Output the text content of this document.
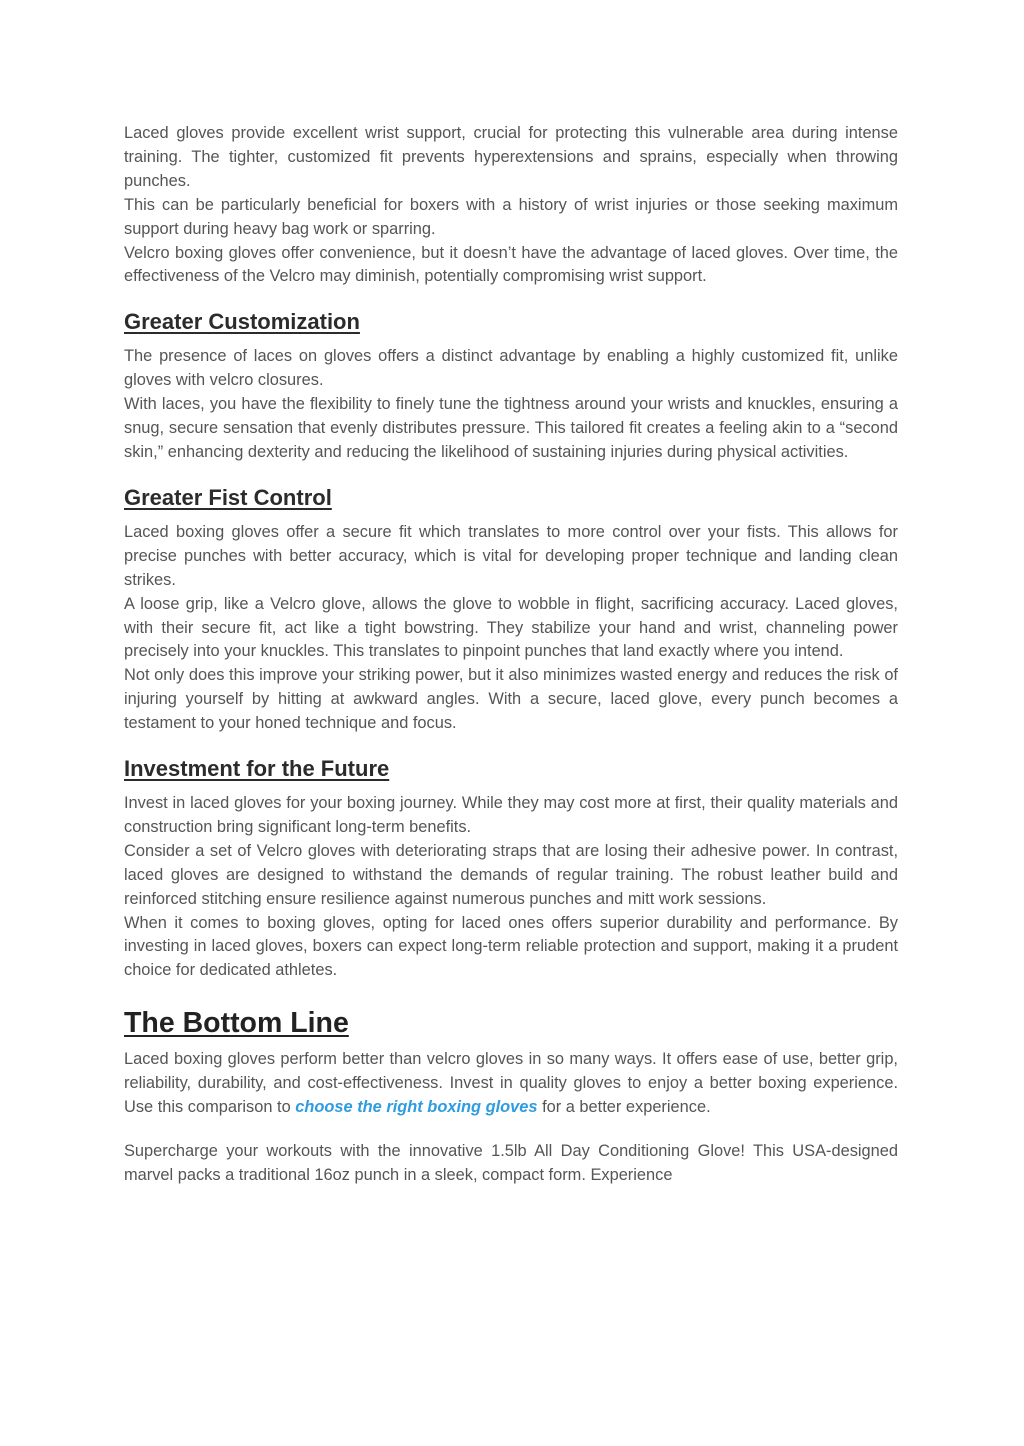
Laced gloves provide excellent wrist support, crucial for protecting this vulnerable area during intense training. The tighter, customized fit prevents hyperextensions and sprains, especially when throwing punches.

This can be particularly beneficial for boxers with a history of wrist injuries or those seeking maximum support during heavy bag work or sparring.

Velcro boxing gloves offer convenience, but it doesn’t have the advantage of laced gloves. Over time, the effectiveness of the Velcro may diminish, potentially compromising wrist support.

Greater Customization

The presence of laces on gloves offers a distinct advantage by enabling a highly customized fit, unlike gloves with velcro closures.

With laces, you have the flexibility to finely tune the tightness around your wrists and knuckles, ensuring a snug, secure sensation that evenly distributes pressure. This tailored fit creates a feeling akin to a “second skin,” enhancing dexterity and reducing the likelihood of sustaining injuries during physical activities.

Greater Fist Control

Laced boxing gloves offer a secure fit which translates to more control over your fists. This allows for precise punches with better accuracy, which is vital for developing proper technique and landing clean strikes.

A loose grip, like a Velcro glove, allows the glove to wobble in flight, sacrificing accuracy. Laced gloves, with their secure fit, act like a tight bowstring. They stabilize your hand and wrist, channeling power precisely into your knuckles. This translates to pinpoint punches that land exactly where you intend.

Not only does this improve your striking power, but it also minimizes wasted energy and reduces the risk of injuring yourself by hitting at awkward angles. With a secure, laced glove, every punch becomes a testament to your honed technique and focus.

Investment for the Future

Invest in laced gloves for your boxing journey. While they may cost more at first, their quality materials and construction bring significant long-term benefits.

Consider a set of Velcro gloves with deteriorating straps that are losing their adhesive power. In contrast, laced gloves are designed to withstand the demands of regular training. The robust leather build and reinforced stitching ensure resilience against numerous punches and mitt work sessions.

When it comes to boxing gloves, opting for laced ones offers superior durability and performance. By investing in laced gloves, boxers can expect long-term reliable protection and support, making it a prudent choice for dedicated athletes.

The Bottom Line

Laced boxing gloves perform better than velcro gloves in so many ways. It offers ease of use, better grip, reliability, durability, and cost-effectiveness. Invest in quality gloves to enjoy a better boxing experience. Use this comparison to choose the right boxing gloves for a better experience.

Supercharge your workouts with the innovative 1.5lb All Day Conditioning Glove! This USA-designed marvel packs a traditional 16oz punch in a sleek, compact form. Experience
